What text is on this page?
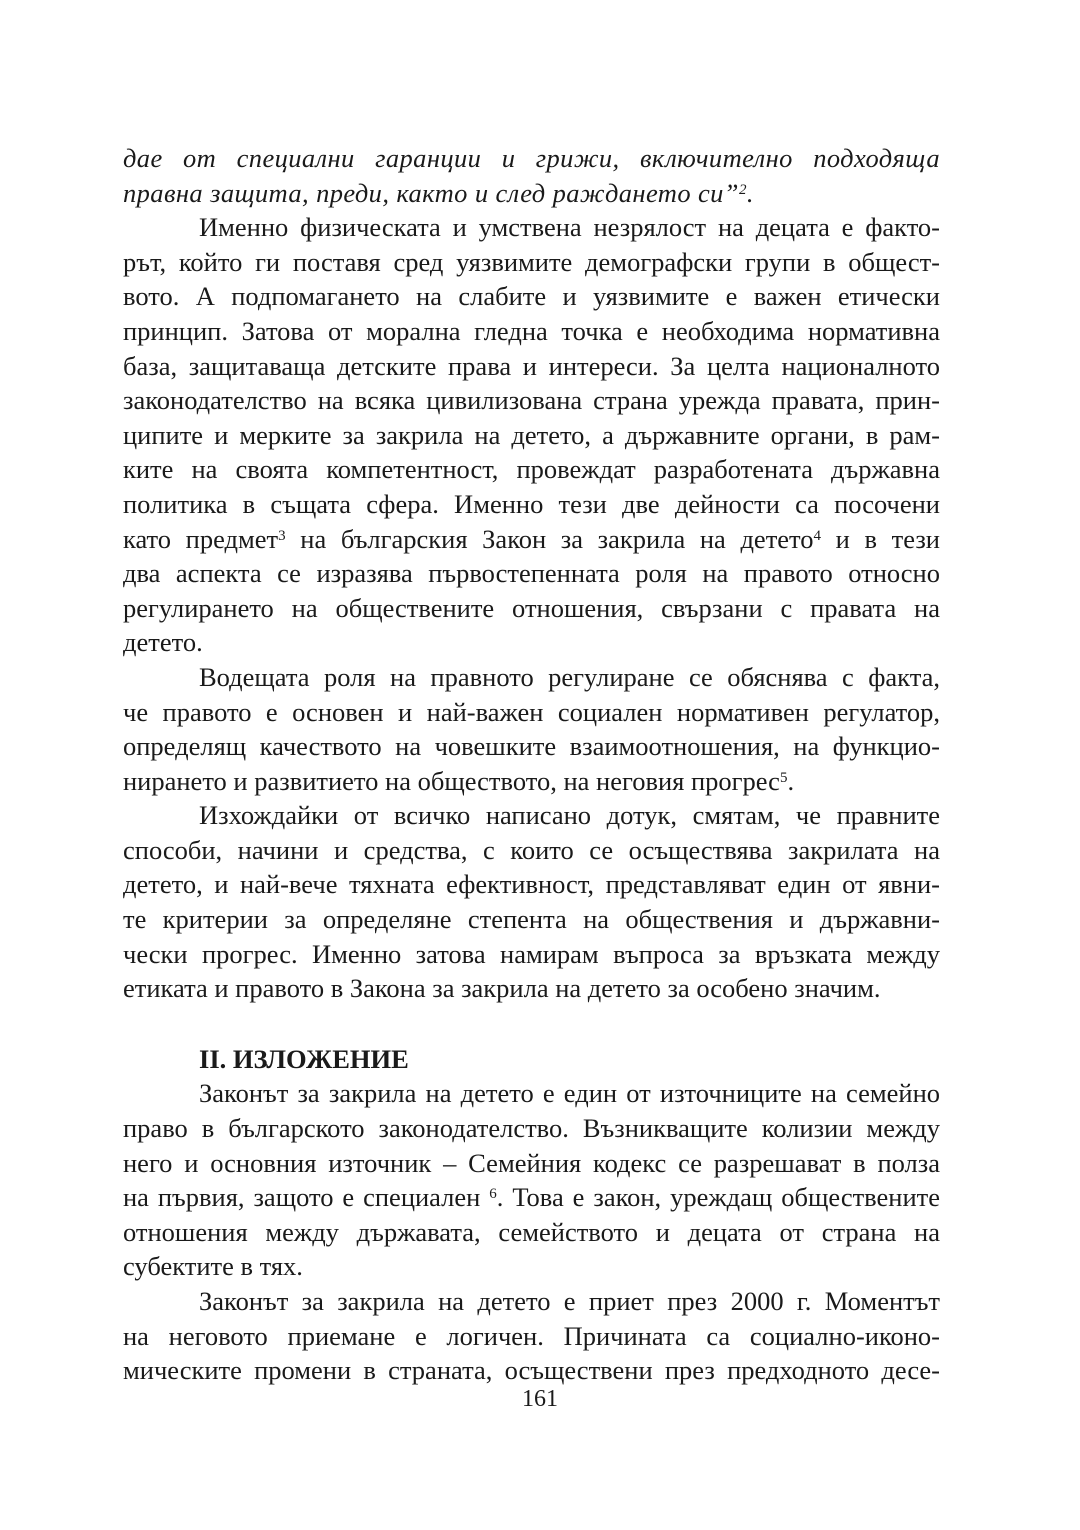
дае от специални гаранции и грижи, включително подходяща
правна защита, преди, както и след раждането си”$^2$.
Именно физическата и умствена незрялост на децата е факто-
рът, който ги поставя сред уязвимите демографски групи в общест-
вото. А подпомагането на слабите и уязвимите е важен етически
принцип. Затова от морална гледна точка е необходима нормативна
база, защитаваща детските права и интереси. За целта националното
законодателство на всяка цивилизована страна урежда правата, прин-
ципите и мерките за закрила на детето, а държавните органи, в рам-
ките на своята компетентност, провеждат разработената държавна
политика в същата сфера. Именно тези две дейности са посочени
като предмет$^3$ на българския Закон за закрила на детето$^4$ и в тези
два аспекта се изразява първостепенната роля на правото относно
регулирането на обществените отношения, свързани с правата на
детето.
Водещата роля на правното регулиране се обяснява с факта,
че правото е основен и най-важен социален нормативен регулатор,
определящ качеството на човешките взаимоотношения, на функцио-
нирането и развитието на обществото, на неговия прогрес$^5$.
Изхождайки от всичко написано дотук, смятам, че правните
способи, начини и средства, с които се осъществява закрилата на
детето, и най-вече тяхната ефективност, представляват един от явни-
те критерии за определяне степента на обществения и държавни-
чески прогрес. Именно затова намирам въпроса за връзката между
етиката и правото в Закона за закрила на детето за особено значим.
II. ИЗЛОЖЕНИЕ
Законът за закрила на детето е един от източниците на семейно
право в българското законодателство. Възникващите колизии между
него и основния източник – Семейния кодекс се разрешават в полза
на първия, защото е специален $^6$. Това е закон, уреждащ обществените
отношения между държавата, семейството и децата от страна на
субектите в тях.
Законът за закрила на детето е приет през 2000 г. Моментът
на неговото приемане е логичен. Причината са социално-иконо-
мическите промени в страната, осъществени през предходното десе-
161
